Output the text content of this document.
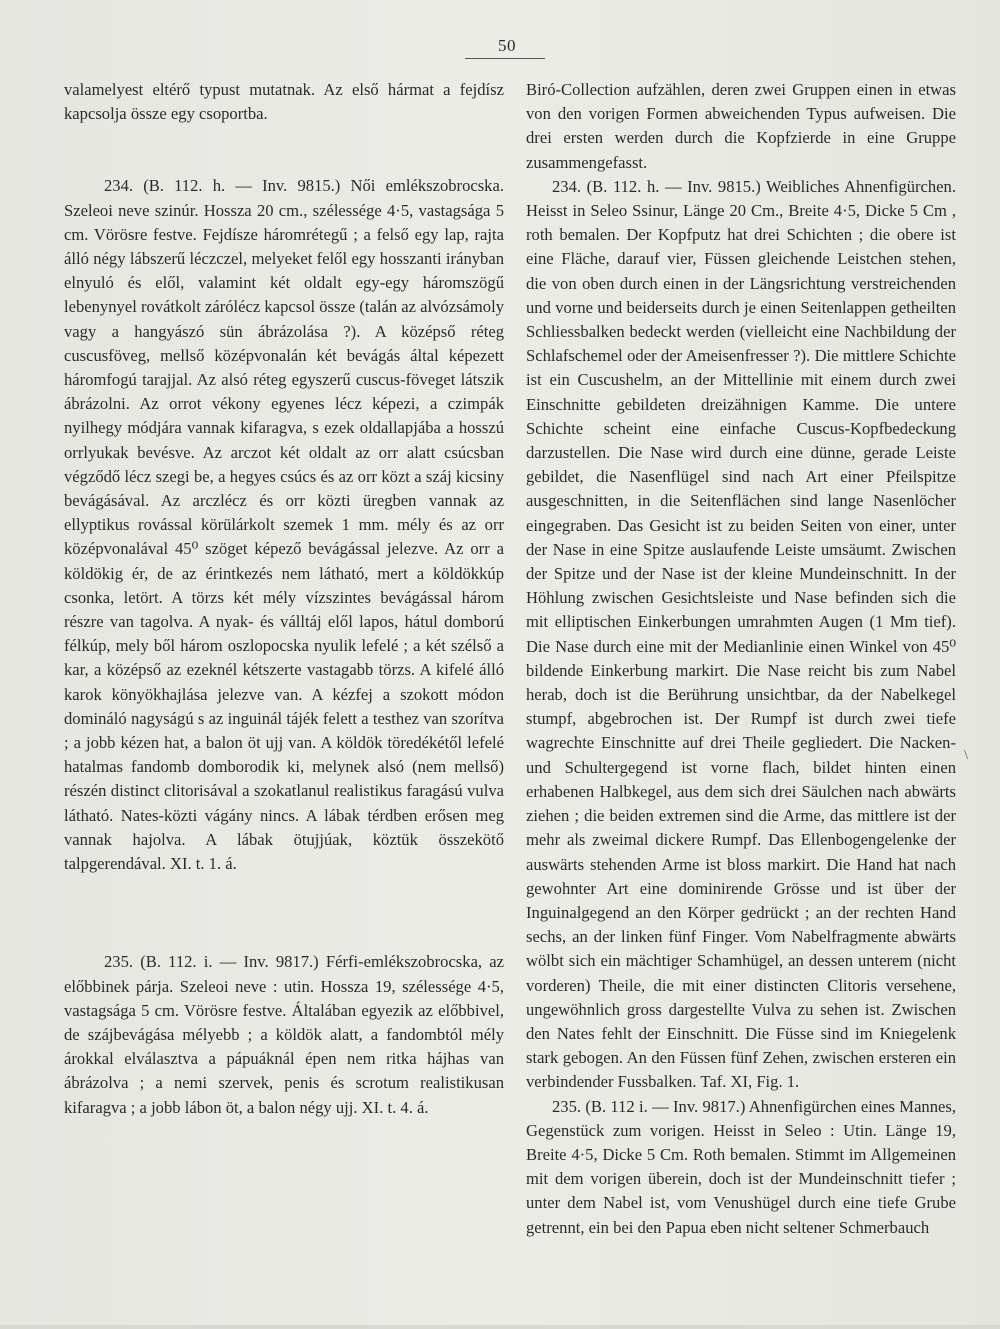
50

valamelyest eltérő typust mutatnak. Az első hármat a fejdísz kapcsolja össze egy csoportba.

234. (B. 112. h. — Inv. 9815.) Női emlékszobrocska. Szeleoi neve szinúr. Hossza 20 cm., szélessége 4·5, vastagsága 5 cm. Vörösre festve. Fejdísze háromrétegű ; a felső egy lap, rajta álló négy lábszerű léczczel, melyeket felől egy hosszanti irányban elnyuló és elől, valamint két oldalt egy-egy háromszögű lebenynyel rovátkolt zárólécz kapcsol össze (talán az alvózsámoly vagy a hangyászó sün ábrázolása ?). A középső réteg cuscusföveg, mellső középvonalán két bevágás által képezett háromfogú tarajjal. Az alsó réteg egyszerű cuscus-föveget látszik ábrázolni. Az orrot vékony egyenes lécz képezi, a czimpák nyilhegy módjára vannak kifaragva, s ezek oldallapjába a hosszú orrlyukak bevésve. Az arczot két oldalt az orr alatt csúcsban végződő lécz szegi be, a hegyes csúcs és az orr közt a száj kicsiny bevágásával. Az arczlécz és orr közti üregben vannak az ellyptikus rovással körülárkolt szemek 1 mm. mély és az orr középvonalával 45⁰ szöget képező bevágással jelezve. Az orr a köldökig ér, de az érintkezés nem látható, mert a köldökkúp csonka, letört. A törzs két mély vízszintes bevágással három részre van tagolva. A nyak- és válltáj elől lapos, hátul domború félkúp, mely ből három oszlopocska nyulik lefelé ; a két szélső a kar, a középső az ezeknél kétszerte vastagabb törzs. A kifelé álló karok könyökhajlása jelezve van. A kézfej a szokott módon domináló nagyságú s az inguinál tájék felett a testhez van szorítva ; a jobb kézen hat, a balon öt ujj van. A köldök töredékétől lefelé hatalmas fandomb domborodik ki, melynek alsó (nem mellső) részén distinct clitorisával a szokatlanul realistikus faragású vulva látható. Nates-közti vágány nincs. A lábak térdben erősen meg vannak hajolva. A lábak ötujjúak, köztük összekötő talpgerendával. XI. t. 1. á.

235. (B. 112. i. — Inv. 9817.) Férfi-emlékszobrocska, az előbbinek párja. Szeleoi neve : utin. Hossza 19, szélessége 4·5, vastagsága 5 cm. Vörösre festve. Általában egyezik az előbbivel, de szájbevágása mélyebb ; a köldök alatt, a fandombtól mély árokkal elválasztva a pápuáknál épen nem ritka hájhas van ábrázolva ; a nemi szervek, penis és scrotum realistikusan kifaragva ; a jobb lábon öt, a balon négy ujj. XI. t. 4. á.

Biró-Collection aufzählen, deren zwei Gruppen einen in etwas von den vorigen Formen abweichenden Typus aufweisen. Die drei ersten werden durch die Kopfzierde in eine Gruppe zusammengefasst.

234. (B. 112. h. — Inv. 9815.) Weibliches Ahnenfigürchen. Heisst in Seleo Ssinur, Länge 20 Cm., Breite 4·5, Dicke 5 Cm , roth bemalen. Der Kopfputz hat drei Schichten ; die obere ist eine Fläche, darauf vier, Füssen gleichende Leistchen stehen, die von oben durch einen in der Längsrichtung verstreichenden und vorne und beiderseits durch je einen Seitenlappen getheilten Schliessbalken bedeckt werden (vielleicht eine Nachbildung der Schlafschemel oder der Ameisenfresser ?). Die mittlere Schichte ist ein Cuscushelm, an der Mittellinie mit einem durch zwei Einschnitte gebildeten dreizähnigen Kamme. Die untere Schichte scheint eine einfache Cuscus-Kopfbedeckung darzustellen. Die Nase wird durch eine dünne, gerade Leiste gebildet, die Nasenflügel sind nach Art einer Pfeilspitze ausgeschnitten, in die Seitenflächen sind lange Nasenlöcher eingegraben. Das Gesicht ist zu beiden Seiten von einer, unter der Nase in eine Spitze auslaufende Leiste umsäumt. Zwischen der Spitze und der Nase ist der kleine Mundeinschnitt. In der Höhlung zwischen Gesichtsleiste und Nase befinden sich die mit elliptischen Einkerbungen umrahmten Augen (1 Mm tief). Die Nase durch eine mit der Medianlinie einen Winkel von 45⁰ bildende Einkerbung markirt. Die Nase reicht bis zum Nabel herab, doch ist die Berührung unsichtbar, da der Nabelkegel stumpf, abgebrochen ist. Der Rumpf ist durch zwei tiefe wagrechte Einschnitte auf drei Theile gegliedert. Die Nacken- und Schultergegend ist vorne flach, bildet hinten einen erhabenen Halbkegel, aus dem sich drei Säulchen nach abwärts ziehen ; die beiden extremen sind die Arme, das mittlere ist der mehr als zweimal dickere Rumpf. Das Ellenbogengelenke der auswärts stehenden Arme ist bloss markirt. Die Hand hat nach gewohnter Art eine dominirende Grösse und ist über der Inguinalgegend an den Körper gedrückt ; an der rechten Hand sechs, an der linken fünf Finger. Vom Nabelfragmente abwärts wölbt sich ein mächtiger Schamhügel, an dessen unterem (nicht vorderen) Theile, die mit einer distincten Clitoris versehene, ungewöhnlich gross dargestellte Vulva zu sehen ist. Zwischen den Nates fehlt der Einschnitt. Die Füsse sind im Kniegelenk stark gebogen. An den Füssen fünf Zehen, zwischen ersteren ein verbindender Fussbalken. Taf. XI, Fig. 1.

235. (B. 112 i. — Inv. 9817.) Ahnenfigürchen eines Mannes, Gegenstück zum vorigen. Heisst in Seleo : Utin. Länge 19, Breite 4·5, Dicke 5 Cm. Roth bemalen. Stimmt im Allgemeinen mit dem vorigen überein, doch ist der Mundeinschnitt tiefer ; unter dem Nabel ist, vom Venushügel durch eine tiefe Grube getrennt, ein bei den Papua eben nicht seltener Schmerbauch

\
